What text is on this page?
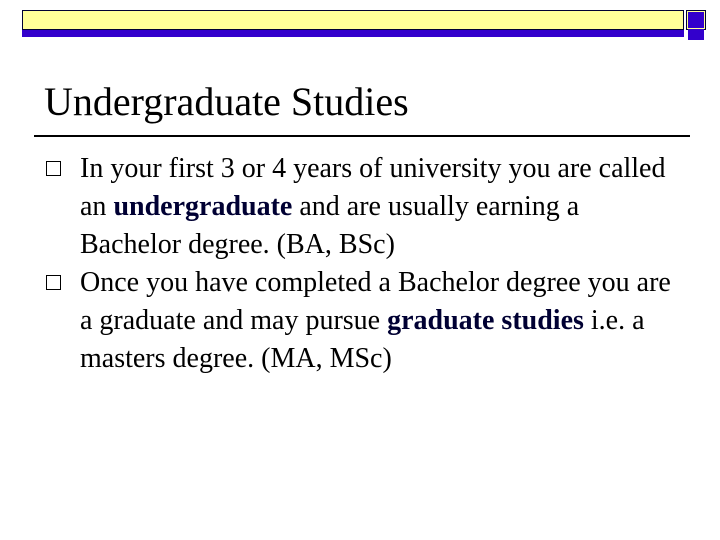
Undergraduate Studies
In your first 3 or 4 years of university you are called an undergraduate and are usually earning a Bachelor degree. (BA, BSc)
Once you have completed a Bachelor degree you are a graduate and may pursue graduate studies i.e. a masters degree. (MA, MSc)
